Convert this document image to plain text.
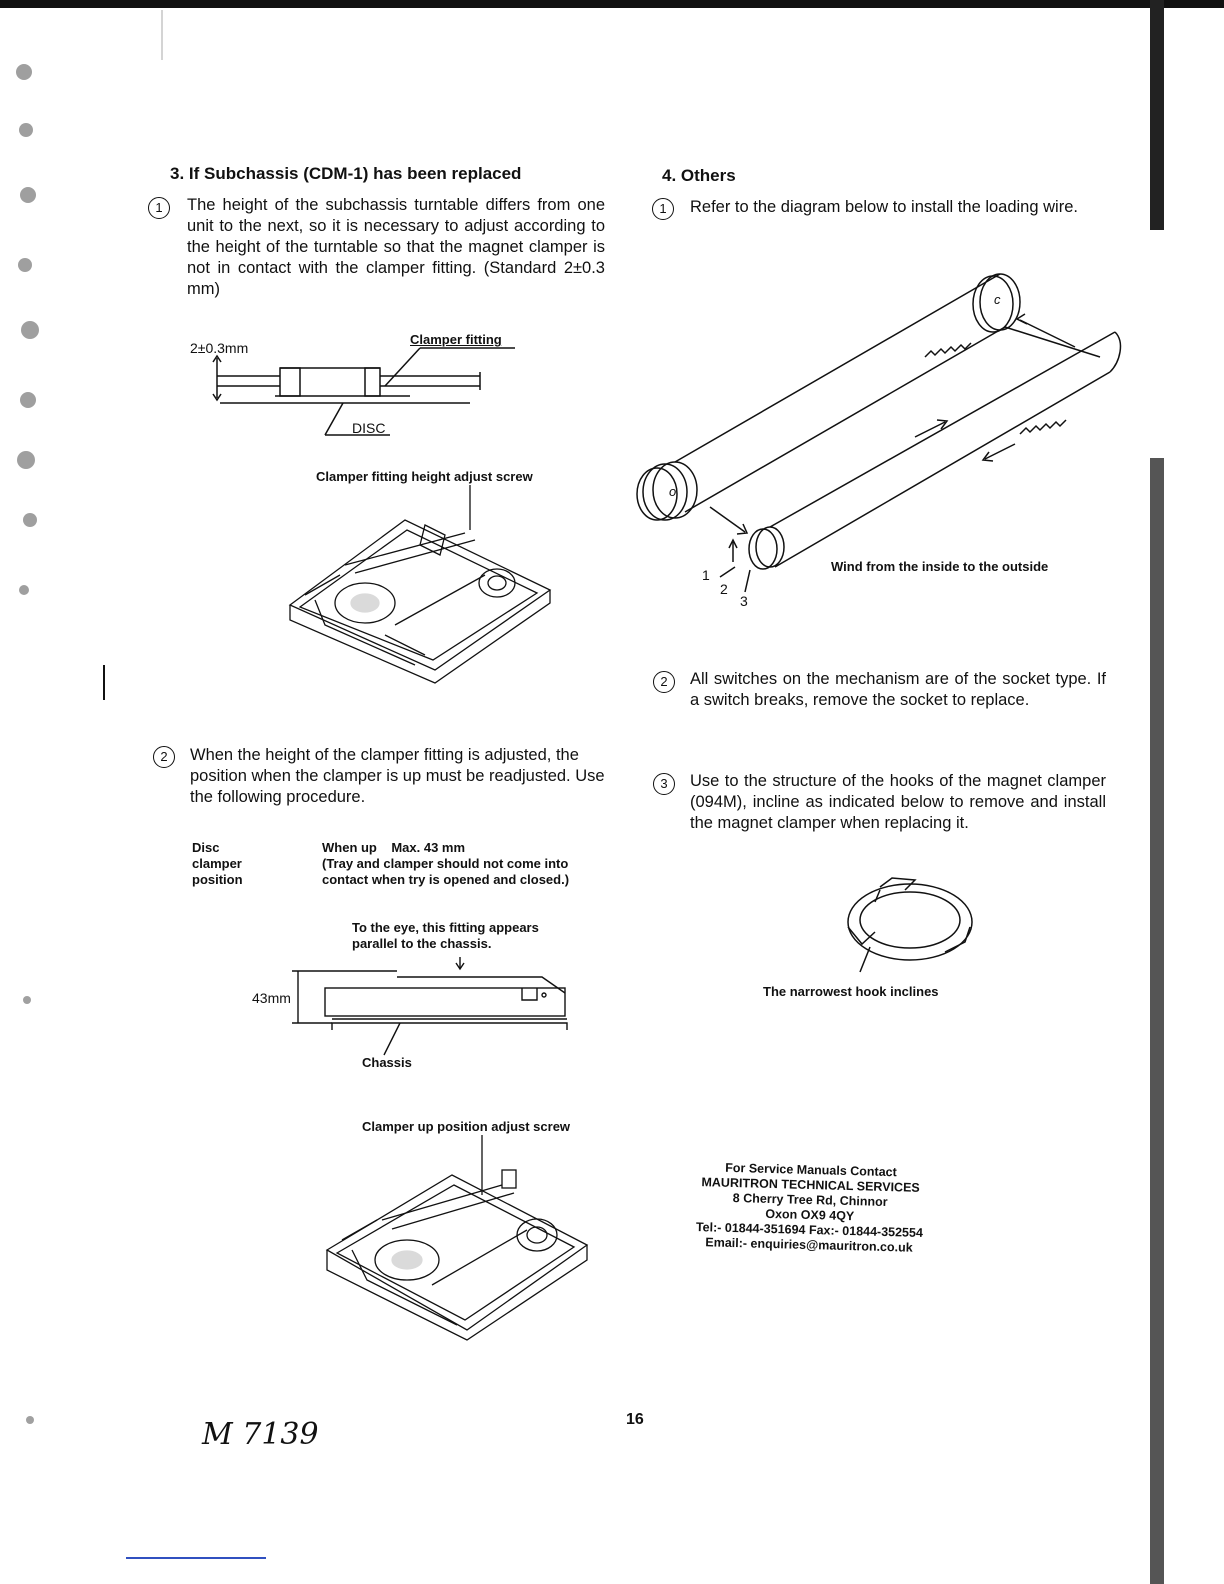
3. If Subchassis (CDM-1) has been replaced
1	The height of the subchassis turntable differs from one unit to the next, so it is necessary to adjust according to the height of the turntable so that the magnet clamper is not in contact with the clamper fitting. (Standard 2±0.3 mm)
2±0.3mm
Clamper fitting
DISC
Clamper fitting height adjust screw
2	When the height of the clamper fitting is adjusted, the position when the clamper is up must be readjusted. Use the following procedure.
Disc
clamper
position
When up    Max. 43 mm
(Tray and clamper should not come into contact when try is opened and closed.)
To the eye, this fitting appears parallel to the chassis.
43mm
Chassis
Clamper up position adjust screw
4. Others
1	Refer to the diagram below to install the loading wire.
c
o
Wind from the inside to the outside
1
2
3
2	All switches on the mechanism are of the socket type. If a switch breaks, remove the socket to replace.
3	Use to the structure of the hooks of the magnet clamper (094M), incline as indicated below to remove and install the magnet clamper when replacing it.
The narrowest hook inclines
For Service Manuals Contact
MAURITRON TECHNICAL SERVICES
8 Cherry Tree Rd, Chinnor
Oxon OX9 4QY
Tel:- 01844-351694 Fax:- 01844-352554
Email:- enquiries@mauritron.co.uk
16
M 7139
